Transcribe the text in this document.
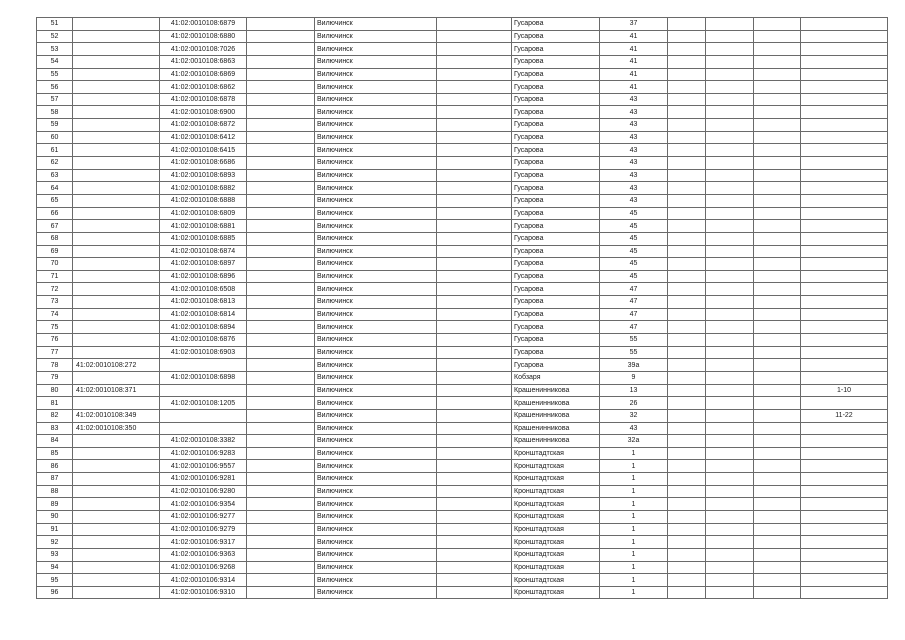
51		41:02:0010108:6879		Вилючинск		Гусарова	37				
52		41:02:0010108:6880		Вилючинск		Гусарова	41				
53		41:02:0010108:7026		Вилючинск		Гусарова	41				
54		41:02:0010108:6863		Вилючинск		Гусарова	41				
55		41:02:0010108:6869		Вилючинск		Гусарова	41				
56		41:02:0010108:6862		Вилючинск		Гусарова	41				
57		41:02:0010108:6878		Вилючинск		Гусарова	43				
58		41:02:0010108:6900		Вилючинск		Гусарова	43				
59		41:02:0010108:6872		Вилючинск		Гусарова	43				
60		41:02:0010108:6412		Вилючинск		Гусарова	43				
61		41:02:0010108:6415		Вилючинск		Гусарова	43				
62		41:02:0010108:6686		Вилючинск		Гусарова	43				
63		41:02:0010108:6893		Вилючинск		Гусарова	43				
64		41:02:0010108:6882		Вилючинск		Гусарова	43				
65		41:02:0010108:6888		Вилючинск		Гусарова	43				
66		41:02:0010108:6809		Вилючинск		Гусарова	45				
67		41:02:0010108:6881		Вилючинск		Гусарова	45				
68		41:02:0010108:6885		Вилючинск		Гусарова	45				
69		41:02:0010108:6874		Вилючинск		Гусарова	45				
70		41:02:0010108:6897		Вилючинск		Гусарова	45				
71		41:02:0010108:6896		Вилючинск		Гусарова	45				
72		41:02:0010108:6508		Вилючинск		Гусарова	47				
73		41:02:0010108:6813		Вилючинск		Гусарова	47				
74		41:02:0010108:6814		Вилючинск		Гусарова	47				
75		41:02:0010108:6894		Вилючинск		Гусарова	47				
76		41:02:0010108:6876		Вилючинск		Гусарова	55				
77		41:02:0010108:6903		Вилючинск		Гусарова	55				
78	41:02:0010108:272			Вилючинск		Гусарова	39а				
79		41:02:0010108:6898		Вилючинск		Кобзаря	9				
80	41:02:0010108:371			Вилючинск		Крашенинникова	13				1-10
81		41:02:0010108:1205		Вилючинск		Крашенинникова	26				
82	41:02:0010108:349			Вилючинск		Крашенинникова	32				11-22
83	41:02:0010108:350			Вилючинск		Крашенинникова	43				
84		41:02:0010108:3382		Вилючинск		Крашенинникова	32а				
85		41:02:0010106:9283		Вилючинск		Кронштадтская	1				
86		41:02:0010106:9557		Вилючинск		Кронштадтская	1				
87		41:02:0010106:9281		Вилючинск		Кронштадтская	1				
88		41:02:0010106:9280		Вилючинск		Кронштадтская	1				
89		41:02:0010106:9354		Вилючинск		Кронштадтская	1				
90		41:02:0010106:9277		Вилючинск		Кронштадтская	1				
91		41:02:0010106:9279		Вилючинск		Кронштадтская	1				
92		41:02:0010106:9317		Вилючинск		Кронштадтская	1				
93		41:02:0010106:9363		Вилючинск		Кронштадтская	1				
94		41:02:0010106:9268		Вилючинск		Кронштадтская	1				
95		41:02:0010106:9314		Вилючинск		Кронштадтская	1				
96		41:02:0010106:9310		Вилючинск		Кронштадтская	1				
